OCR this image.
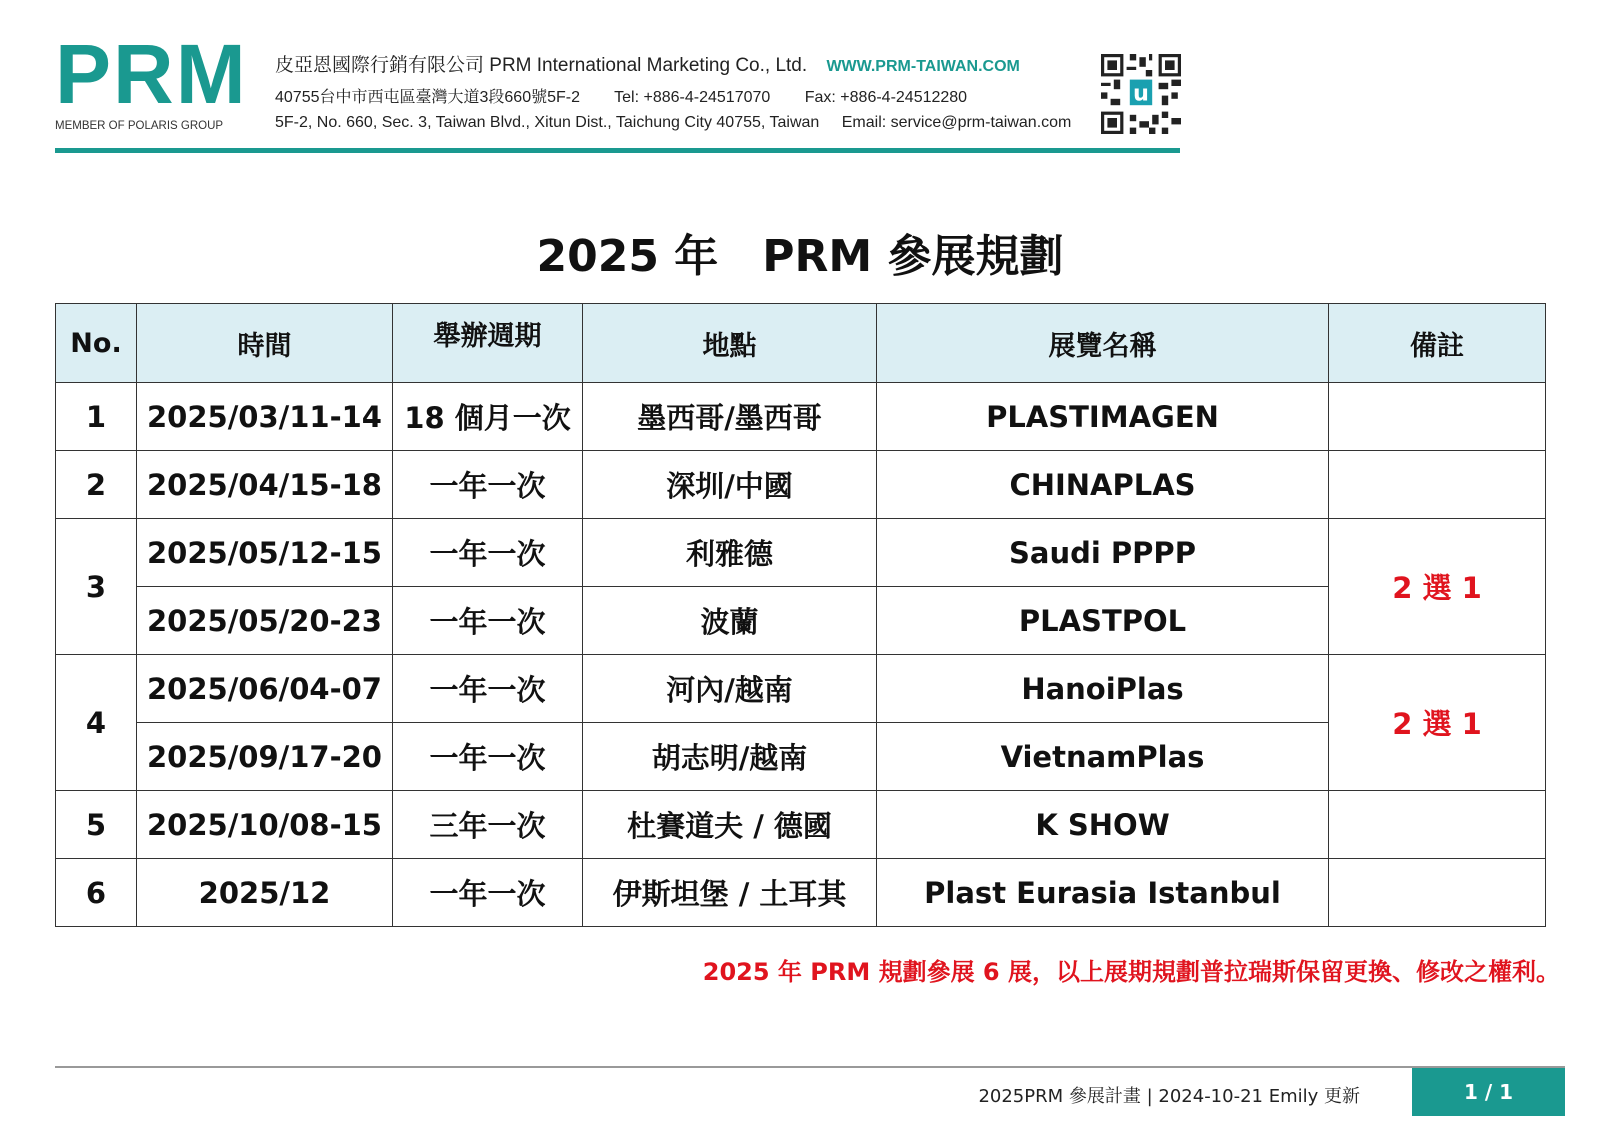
PRM
MEMBER OF POLARIS GROUP
皮亞恩國際行銷有限公司 PRM International Marketing Co., Ltd. WWW.PRM-TAIWAN.COM
40755台中市西屯區臺灣大道3段660號5F-2 Tel: +886-4-24517070 Fax: +886-4-24512280
5F-2, No. 660, Sec. 3, Taiwan Blvd., Xitun Dist., Taichung City 40755, Taiwan Email: service@prm-taiwan.com
u
2025 年　PRM 參展規劃
No.	時間	舉辦週期	地點	展覽名稱	備註
1	2025/03/11-14	18 個月一次	墨西哥/墨西哥	PLASTIMAGEN	
2	2025/04/15-18	一年一次	深圳/中國	CHINAPLAS	
3	2025/05/12-15	一年一次	利雅德	Saudi PPPP	2 選 1
	2025/05/20-23	一年一次	波蘭	PLASTPOL	
4	2025/06/04-07	一年一次	河內/越南	HanoiPlas	2 選 1
	2025/09/17-20	一年一次	胡志明/越南	VietnamPlas	
5	2025/10/08-15	三年一次	杜賽道夫 / 德國	K SHOW	
6	2025/12	一年一次	伊斯坦堡 / 土耳其	Plast Eurasia Istanbul	
2025 年 PRM 規劃參展 6 展，以上展期規劃普拉瑞斯保留更換、修改之權利。
2025PRM 參展計畫 | 2024-10-21 Emily 更新	1 / 1
